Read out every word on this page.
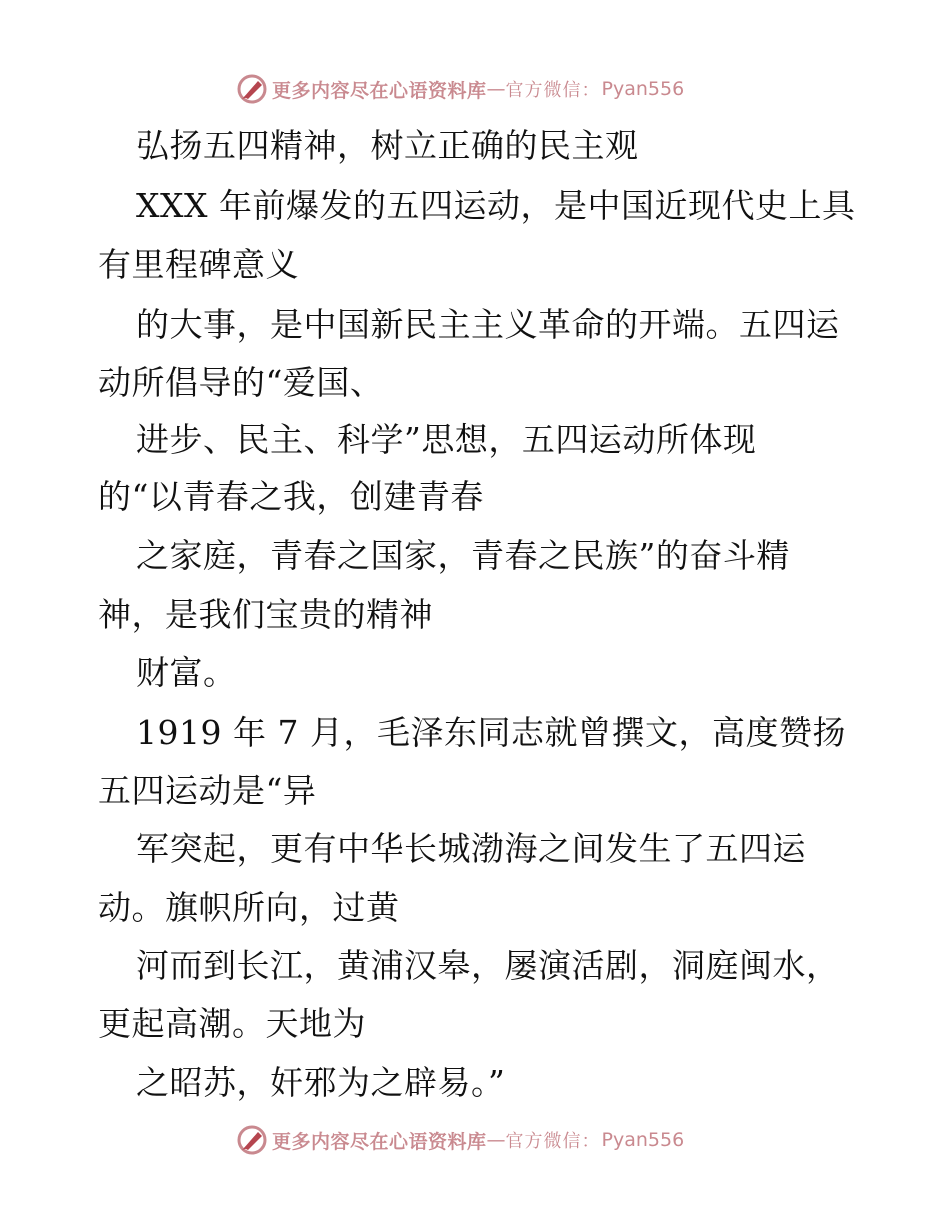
更多内容尽在心语资料库 — 官方微信 ： Pyan556
弘扬五四精神，树立正确的民主观
XXX 年前爆发的五四运动，是中国近现代史上具
有里程碑意义
的大事，是中国新民主主义革命的开端。五四运
动所倡导的“爱国、
进步、民主、科学”思想，五四运动所体现
的“以青春之我，创建青春
之家庭，青春之国家，青春之民族”的奋斗精
神，是我们宝贵的精神
财富。
1919 年 7 月，毛泽东同志就曾撰文，高度赞扬
五四运动是“异
军突起，更有中华长城渤海之间发生了五四运
动。旗帜所向，过黄
河而到长江，黄浦汉皋，屡演活剧，洞庭闽水，
更起高潮。天地为
之昭苏，奸邪为之辟易。”
更多内容尽在心语资料库 — 官方微信 ： Pyan556
